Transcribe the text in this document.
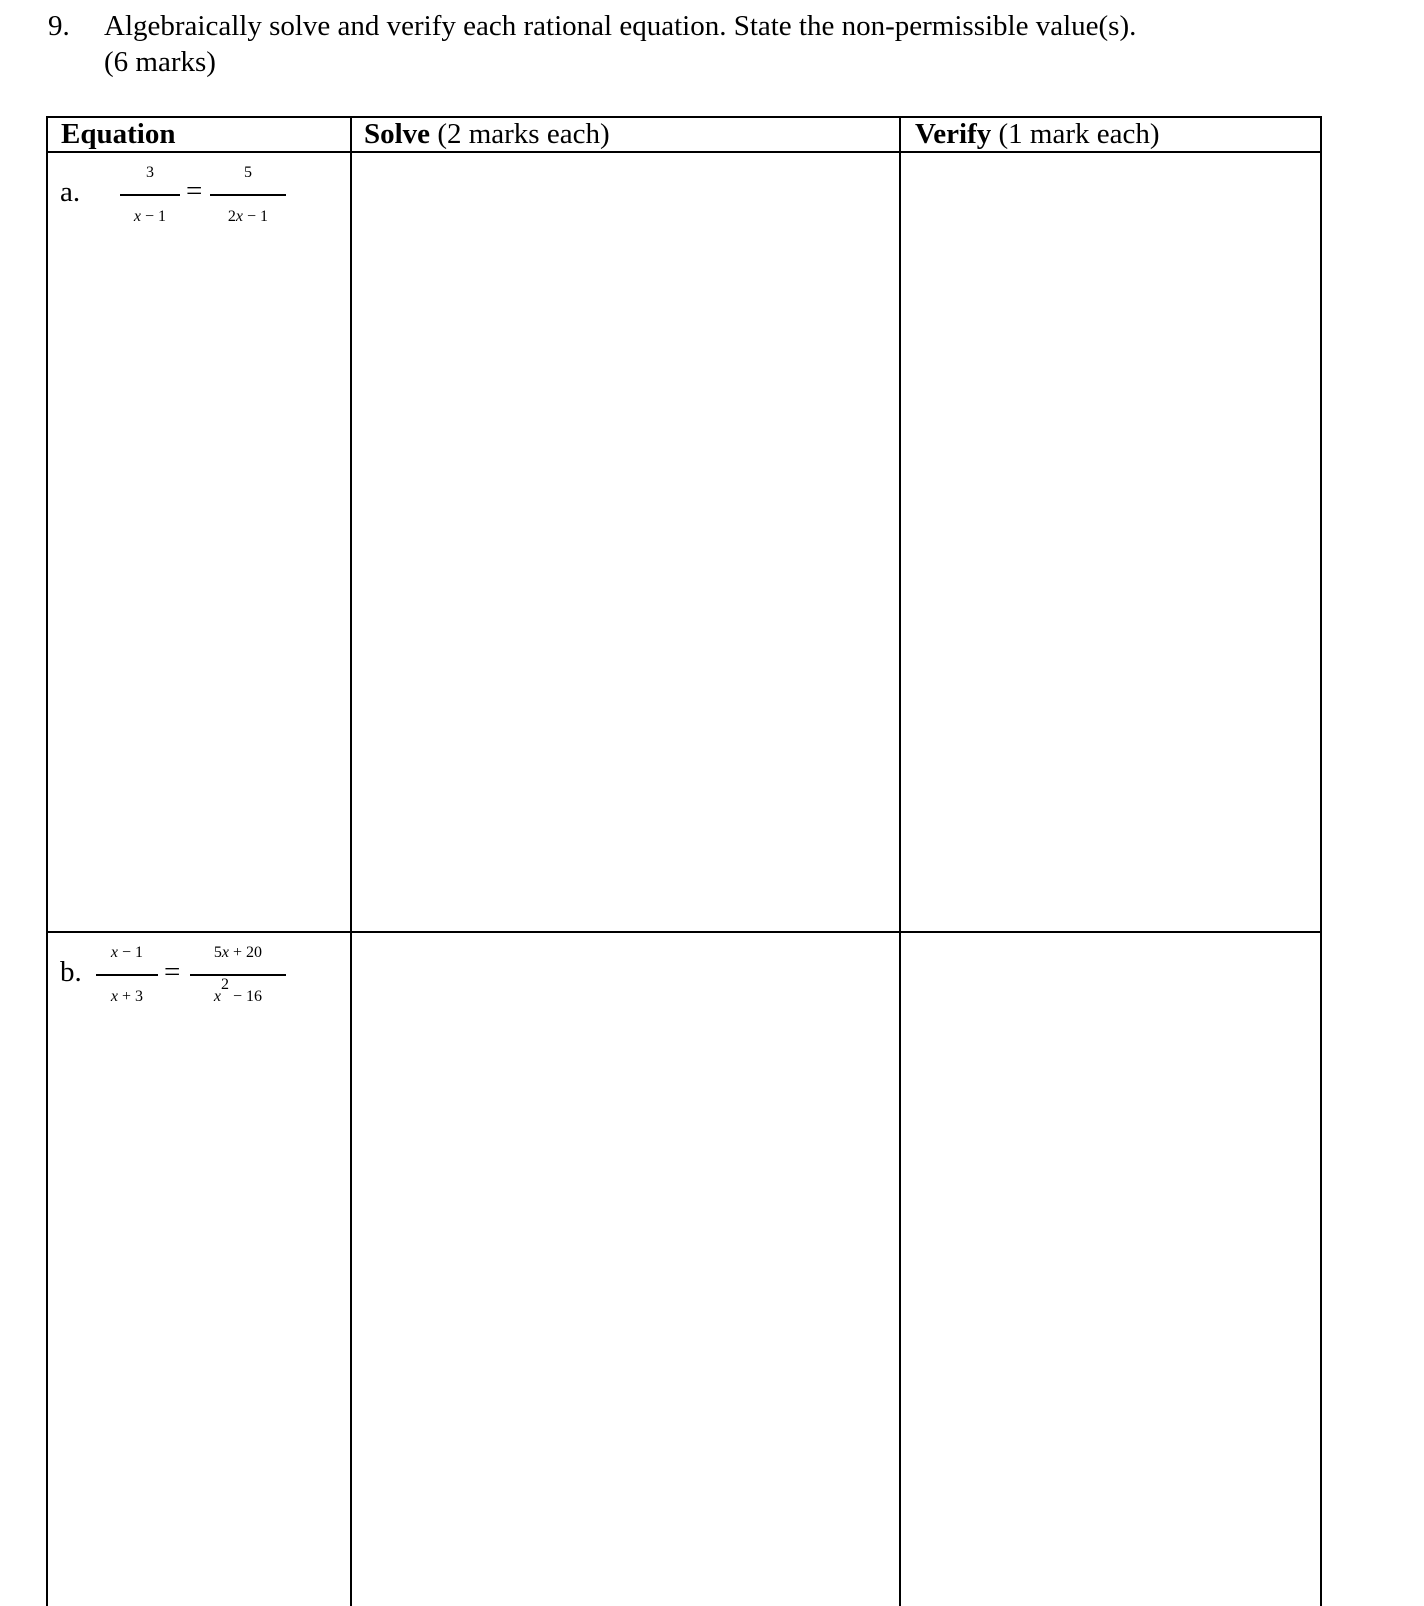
9. Algebraically solve and verify each rational equation. State the non-permissible value(s).
(6 marks)
Equation	Solve (2 marks each)	Verify (1 mark each)
a.
3
x − 1
=
5
2x − 1
b.
x − 1
x + 3
=
5x + 20
$x^2 - 16$
